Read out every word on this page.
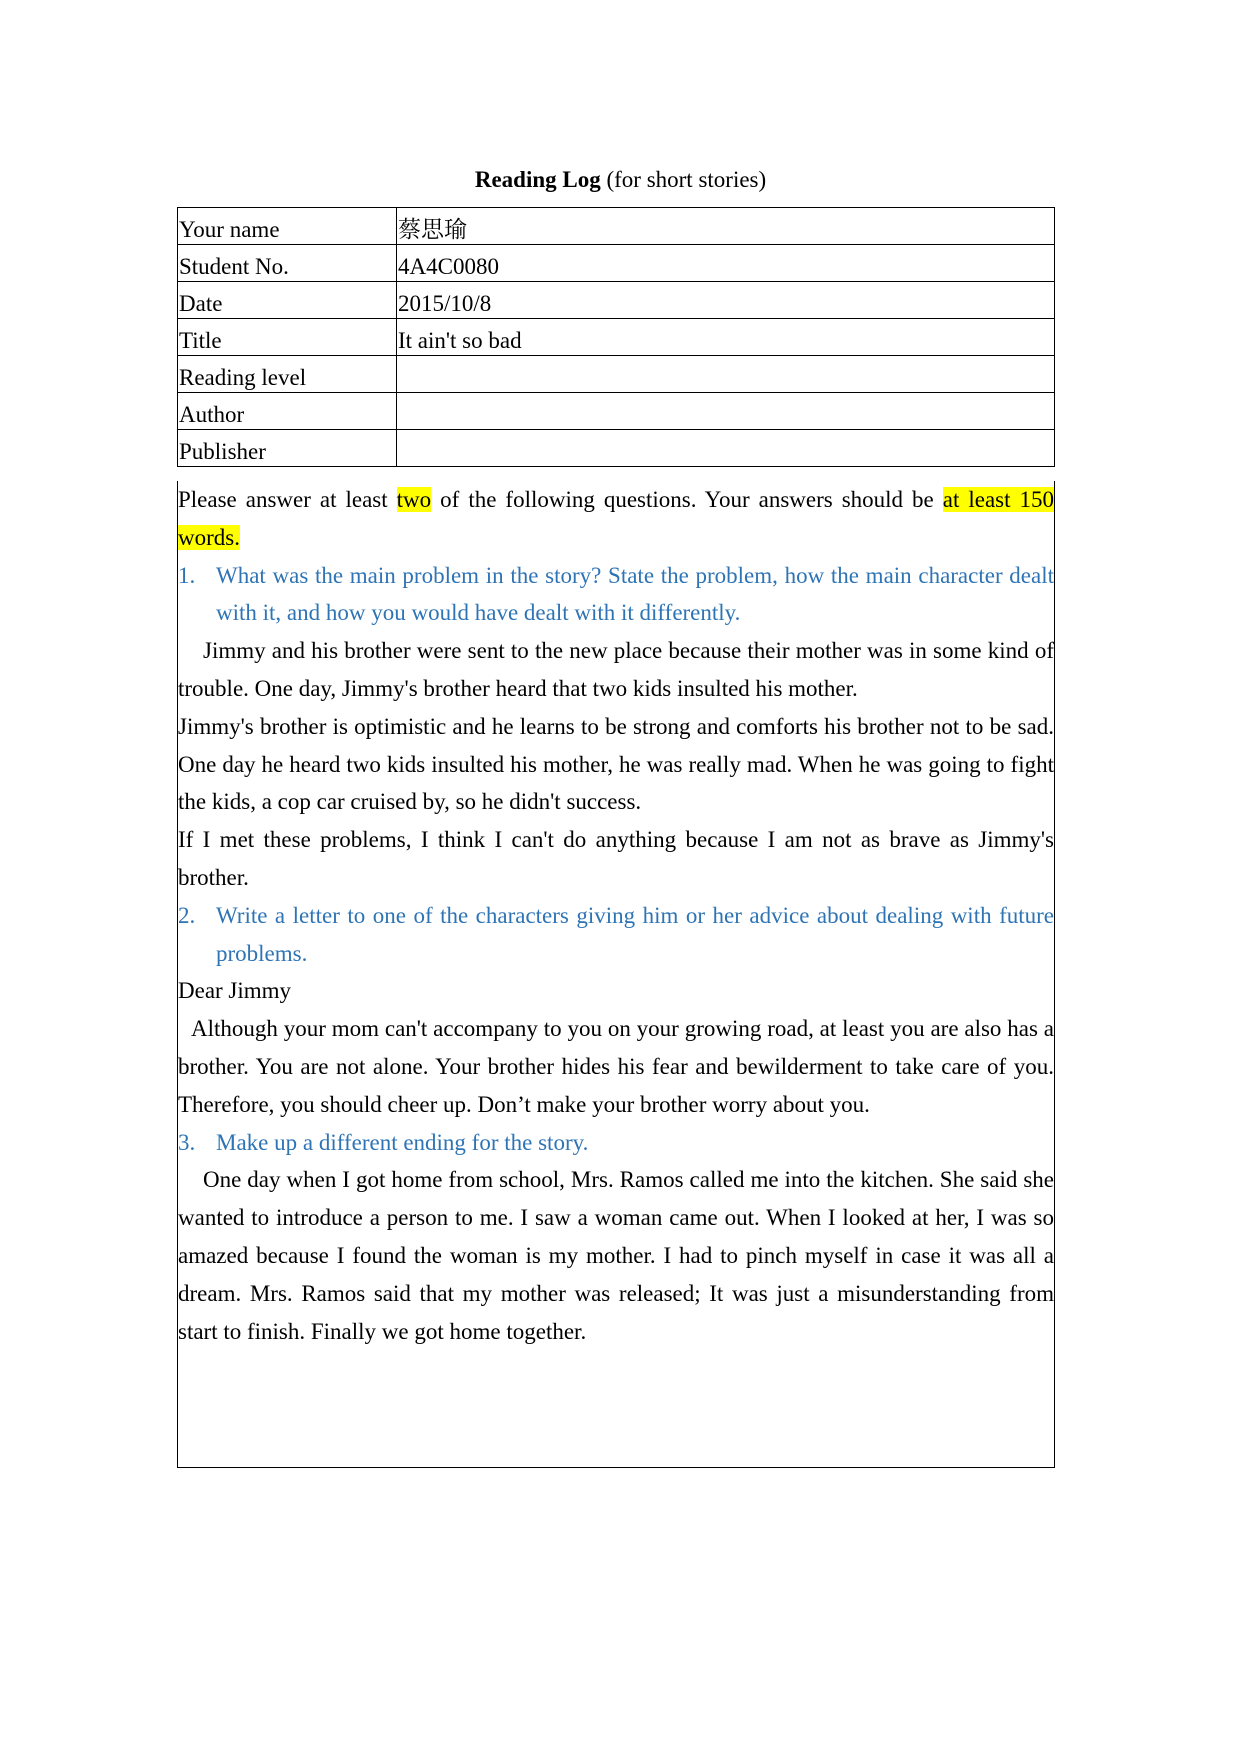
Reading Log (for short stories)
Your name	蔡思瑜
Student No.	4A4C0080
Date	2015/10/8
Title	It ain't so bad
Reading level	
Author	
Publisher	

Please answer at least two of the following questions. Your answers should be at least 150 words.

1. What was the main problem in the story? State the problem, how the main character dealt with it, and how you would have dealt with it differently.

Jimmy and his brother were sent to the new place because their mother was in some kind of trouble. One day, Jimmy's brother heard that two kids insulted his mother.

Jimmy's brother is optimistic and he learns to be strong and comforts his brother not to be sad. One day he heard two kids insulted his mother, he was really mad. When he was going to fight the kids, a cop car cruised by, so he didn't success.

If I met these problems, I think I can't do anything because I am not as brave as Jimmy's brother.

2. Write a letter to one of the characters giving him or her advice about dealing with future problems.

Dear Jimmy

Although your mom can't accompany to you on your growing road, at least you are also has a brother. You are not alone. Your brother hides his fear and bewilderment to take care of you. Therefore, you should cheer up. Don’t make your brother worry about you.

3. Make up a different ending for the story.

One day when I got home from school, Mrs. Ramos called me into the kitchen. She said she wanted to introduce a person to me. I saw a woman came out. When I looked at her, I was so amazed because I found the woman is my mother. I had to pinch myself in case it was all a dream. Mrs. Ramos said that my mother was released; It was just a misunderstanding from start to finish. Finally we got home together.
